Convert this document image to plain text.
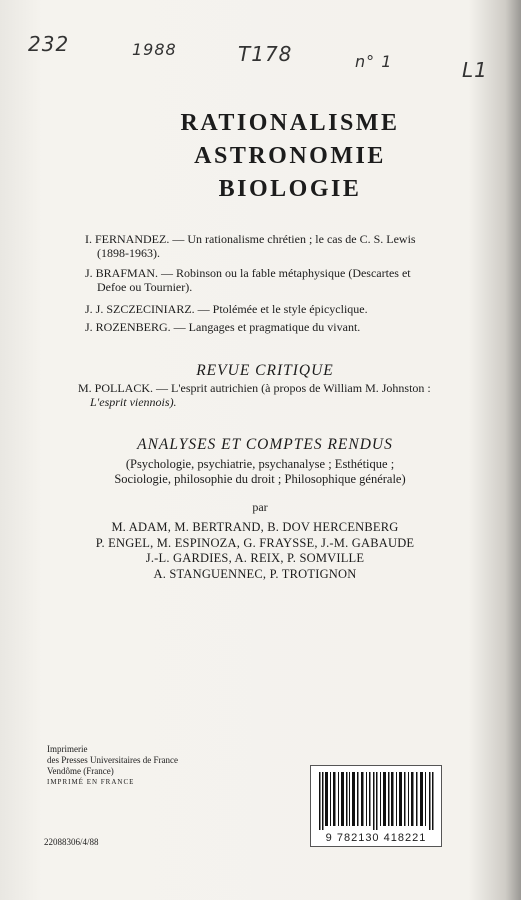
232	1988	T178	n° 1	L1
RATIONALISME
ASTRONOMIE
BIOLOGIE
I. FERNANDEZ. — Un rationalisme chrétien ; le cas de C. S. Lewis
(1898-1963).
J. BRAFMAN. — Robinson ou la fable métaphysique (Descartes et
Defoe ou Tournier).
J. J. SZCZECINIARZ. — Ptolémée et le style épicyclique.
J. ROZENBERG. — Langages et pragmatique du vivant.
REVUE CRITIQUE
M. POLLACK. — L'esprit autrichien (à propos de William M. Johnston :
L'esprit viennois).
ANALYSES ET COMPTES RENDUS
(Psychologie, psychiatrie, psychanalyse ; Esthétique ;
Sociologie, philosophie du droit ; Philosophique générale)
par
M. ADAM, M. BERTRAND, B. DOV HERCENBERG
P. ENGEL, M. ESPINOZA, G. FRAYSSE, J.-M. GABAUDE
J.-L. GARDIES, A. REIX, P. SOMVILLE
A. STANGUENNEC, P. TROTIGNON
Imprimerie
des Presses Universitaires de France
Vendôme (France)
IMPRIMÉ EN FRANCE
22088306/4/88	9 782130 418221
